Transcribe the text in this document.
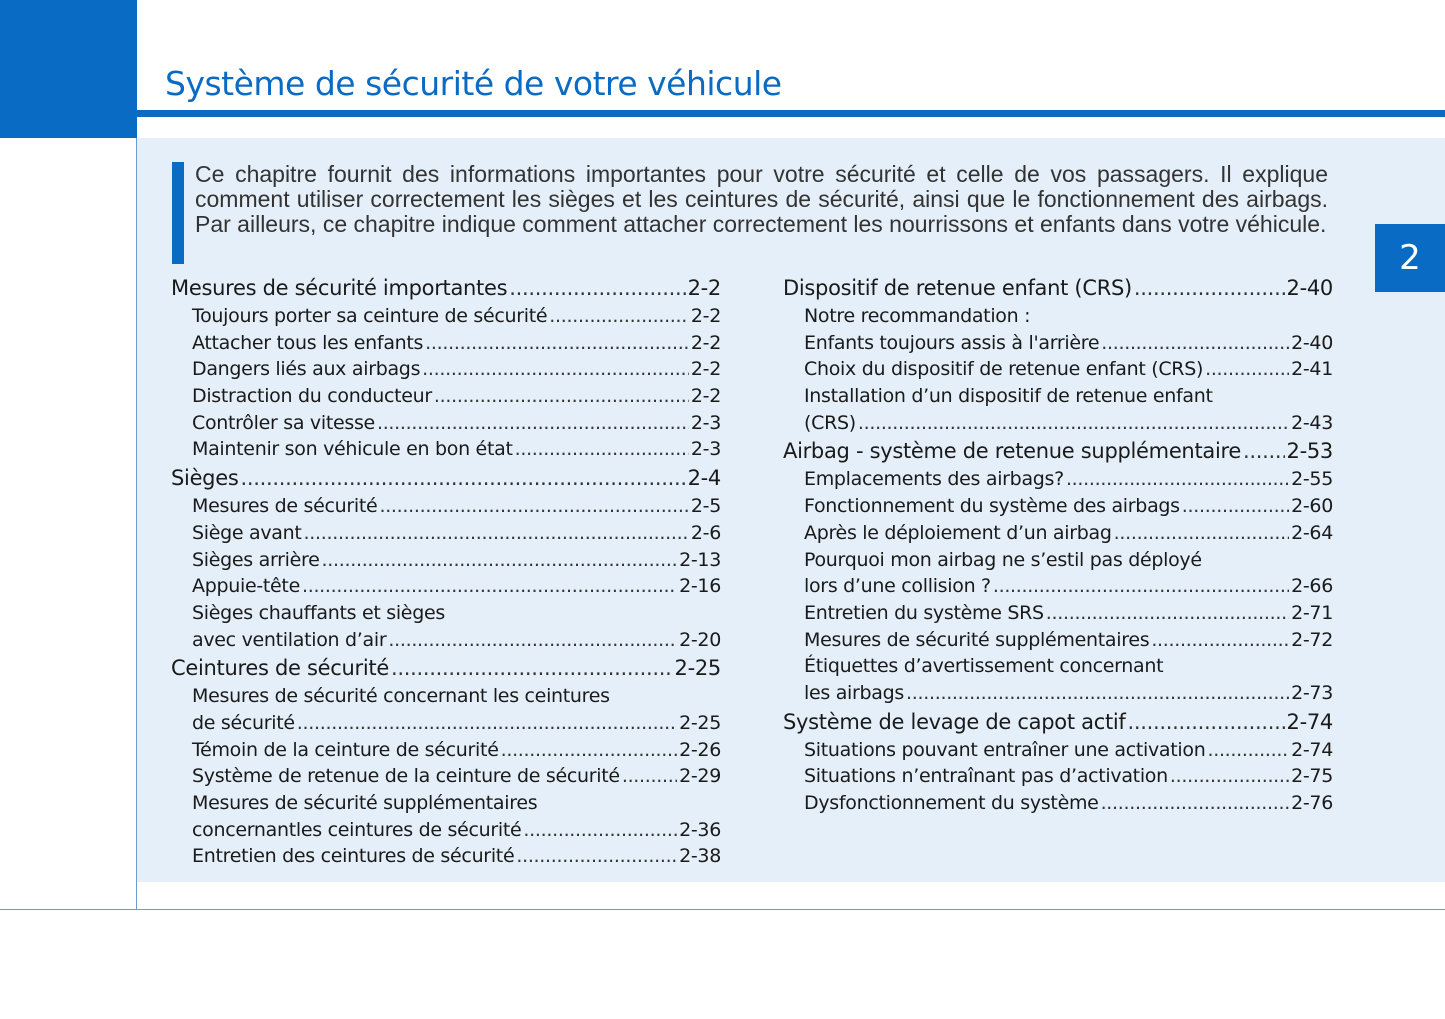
Système de sécurité de votre véhicule
2

Ce chapitre fournit des informations importantes pour votre sécurité et celle de vos passagers. Il explique comment utiliser correctement les sièges et les ceintures de sécurité, ainsi que le fonctionnement des airbags. Par ailleurs, ce chapitre indique comment attacher correctement les nourrissons et enfants dans votre véhicule.

Mesures de sécurité importantes .....	2-2
Toujours porter sa ceinture de sécurité .....	2-2
Attacher tous les enfants .....	2-2
Dangers liés aux airbags .....	2-2
Distraction du conducteur .....	2-2
Contrôler sa vitesse .....	2-3
Maintenir son véhicule en bon état .....	2-3
Sièges .....	2-4
Mesures de sécurité .....	2-5
Siège avant .....	2-6
Sièges arrière .....	2-13
Appuie-tête .....	2-16
Sièges chauffants et sièges
avec ventilation d’air .....	2-20
Ceintures de sécurité .....	2-25
Mesures de sécurité concernant les ceintures
de sécurité .....	2-25
Témoin de la ceinture de sécurité .....	2-26
Système de retenue de la ceinture de sécurité .....	2-29
Mesures de sécurité supplémentaires
concernantles ceintures de sécurité .....	2-36
Entretien des ceintures de sécurité .....	2-38
Dispositif de retenue enfant (CRS) .....	2-40
Notre recommandation :
Enfants toujours assis à l'arrière .....	2-40
Choix du dispositif de retenue enfant (CRS) .....	2-41
Installation d’un dispositif de retenue enfant
(CRS) .....	2-43
Airbag - système de retenue supplémentaire ..... 2-53
Emplacements des airbags? .....	2-55
Fonctionnement du système des airbags .....	2-60
Après le déploiement d’un airbag .....	2-64
Pourquoi mon airbag ne s’estil pas déployé
lors d’une collision ? .....	2-66
Entretien du système SRS .....	2-71
Mesures de sécurité supplémentaires .....	2-72
Étiquettes d’avertissement concernant
les airbags .....	2-73
Système de levage de capot actif .....	2-74
Situations pouvant entraîner une activation .....	2-74
Situations n’entraînant pas d’activation .....	2-75
Dysfonctionnement du système .....	2-76
